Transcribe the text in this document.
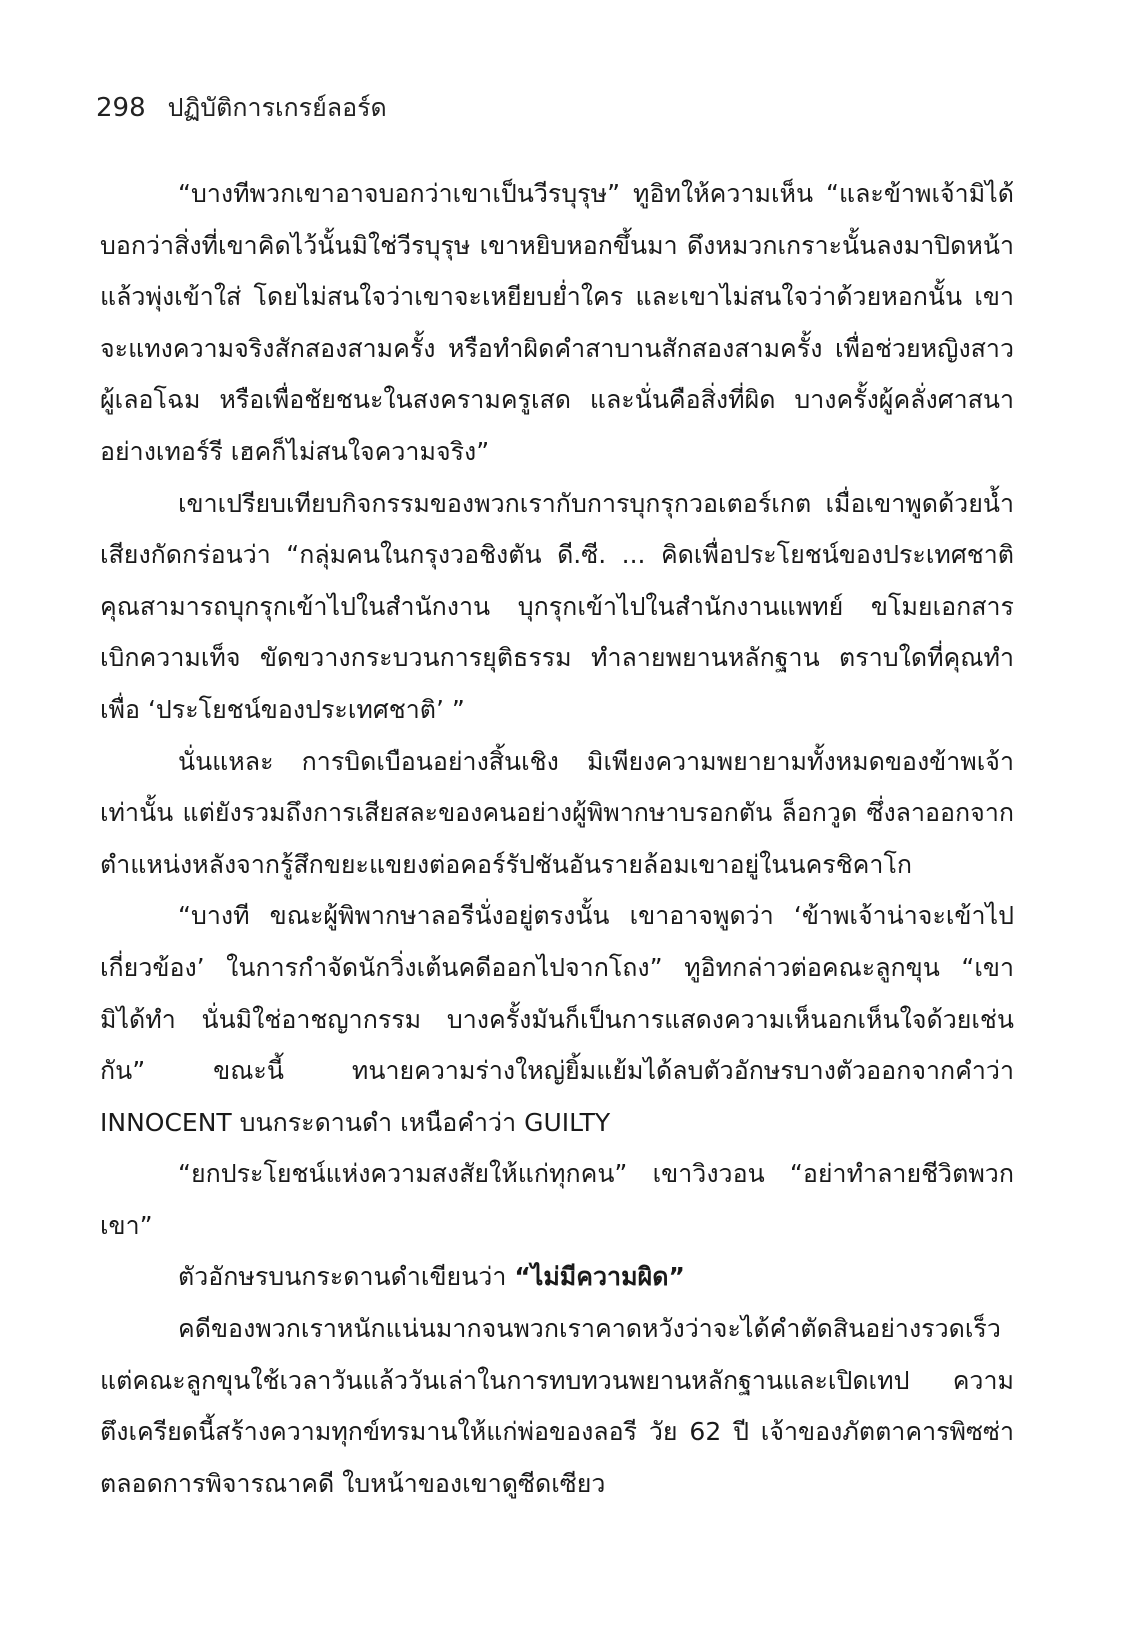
298 ปฏิบัติการเกรย์ลอร์ด

“บางทีพวกเขาอาจบอกว่าเขาเป็นวีรบุรุษ” ทูอิทให้ความเห็น “และข้าพเจ้ามิได้บอกว่าสิ่งที่เขาคิดไว้นั้นมิใช่วีรบุรุษ เขาหยิบหอกขึ้นมา ดึงหมวกเกราะนั้นลงมาปิดหน้า แล้วพุ่งเข้าใส่ โดยไม่สนใจว่าเขาจะเหยียบย่ำใคร และเขาไม่สนใจว่าด้วยหอกนั้น เขาจะแทงความจริงสักสองสามครั้ง หรือทำผิดคำสาบานสักสองสามครั้ง เพื่อช่วยหญิงสาวผู้เลอโฉม หรือเพื่อชัยชนะในสงครามครูเสด และนั่นคือสิ่งที่ผิด บางครั้งผู้คลั่งศาสนาอย่างเทอร์รี เฮคก็ไม่สนใจความจริง”

เขาเปรียบเทียบกิจกรรมของพวกเรากับการบุกรุกวอเตอร์เกต เมื่อเขาพูดด้วยน้ำเสียงกัดกร่อนว่า “กลุ่มคนในกรุงวอชิงตัน ดี.ซี. ... คิดเพื่อประโยชน์ของประเทศชาติ คุณสามารถบุกรุกเข้าไปในสำนักงาน บุกรุกเข้าไปในสำนักงานแพทย์ ขโมยเอกสาร เบิกความเท็จ ขัดขวางกระบวนการยุติธรรม ทำลายพยานหลักฐาน ตราบใดที่คุณทำเพื่อ ‘ประโยชน์ของประเทศชาติ’ ”

นั่นแหละ การบิดเบือนอย่างสิ้นเชิง มิเพียงความพยายามทั้งหมดของข้าพเจ้าเท่านั้น แต่ยังรวมถึงการเสียสละของคนอย่างผู้พิพากษาบรอกตัน ล็อกวูด ซึ่งลาออกจากตำแหน่งหลังจากรู้สึกขยะแขยงต่อคอร์รัปชันอันรายล้อมเขาอยู่ในนครชิคาโก

“บางที ขณะผู้พิพากษาลอรีนั่งอยู่ตรงนั้น เขาอาจพูดว่า ‘ข้าพเจ้าน่าจะเข้าไปเกี่ยวข้อง’ ในการกำจัดนักวิ่งเต้นคดีออกไปจากโถง” ทูอิทกล่าวต่อคณะลูกขุน “เขามิได้ทำ นั่นมิใช่อาชญากรรม บางครั้งมันก็เป็นการแสดงความเห็นอกเห็นใจด้วยเช่นกัน” ขณะนี้ ทนายความร่างใหญ่ยิ้มแย้มได้ลบตัวอักษรบางตัวออกจากคำว่า INNOCENT บนกระดานดำ เหนือคำว่า GUILTY

“ยกประโยชน์แห่งความสงสัยให้แก่ทุกคน” เขาวิงวอน “อย่าทำลายชีวิตพวกเขา”

ตัวอักษรบนกระดานดำเขียนว่า “ไม่มีความผิด”

คดีของพวกเราหนักแน่นมากจนพวกเราคาดหวังว่าจะได้คำตัดสินอย่างรวดเร็ว แต่คณะลูกขุนใช้เวลาวันแล้ววันเล่าในการทบทวนพยานหลักฐานและเปิดเทป ความตึงเครียดนี้สร้างความทุกข์ทรมานให้แก่พ่อของลอรี วัย 62 ปี เจ้าของภัตตาคารพิซซ่า ตลอดการพิจารณาคดี ใบหน้าของเขาดูซีดเซียว
